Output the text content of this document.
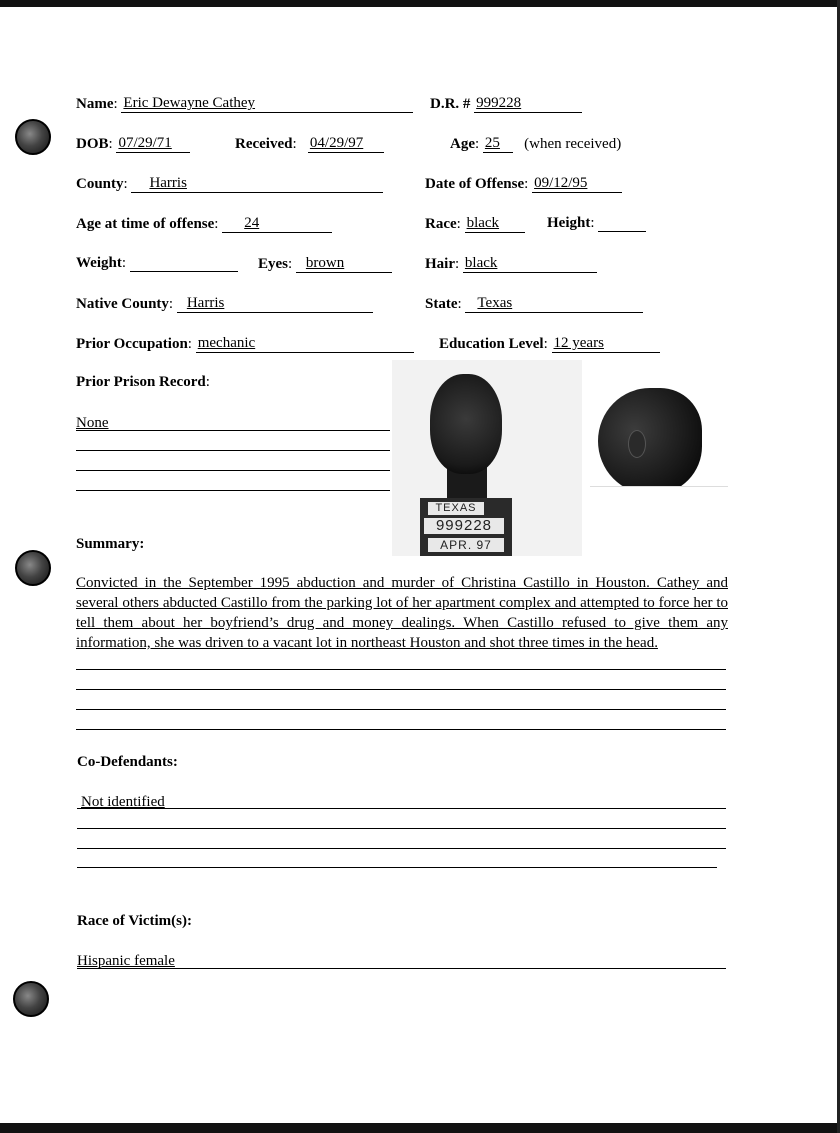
Name: Eric Dewayne Cathey	D.R. # 999228
DOB: 07/29/71	Received:   04/29/97	Age: 25 (when received)
County: Harris	Date of Offense: 09/12/95
Age at time of offense: 24	Race: black	Height:
Weight:	Eyes: brown	Hair: black
Native County: Harris	State: Texas
Prior Occupation: mechanic	Education Level: 12 years
Prior Prison Record:
None
TEXAS
999228
APR. 97
Summary:
Convicted in the September 1995 abduction and murder of Christina Castillo in Houston. Cathey and several others abducted Castillo from the parking lot of her apartment complex and attempted to force her to tell them about her boyfriend’s drug and money dealings. When Castillo refused to give them any information, she was driven to a vacant lot in northeast Houston and shot three times in the head.
Co-Defendants:
Not identified
Race of Victim(s):
Hispanic female
